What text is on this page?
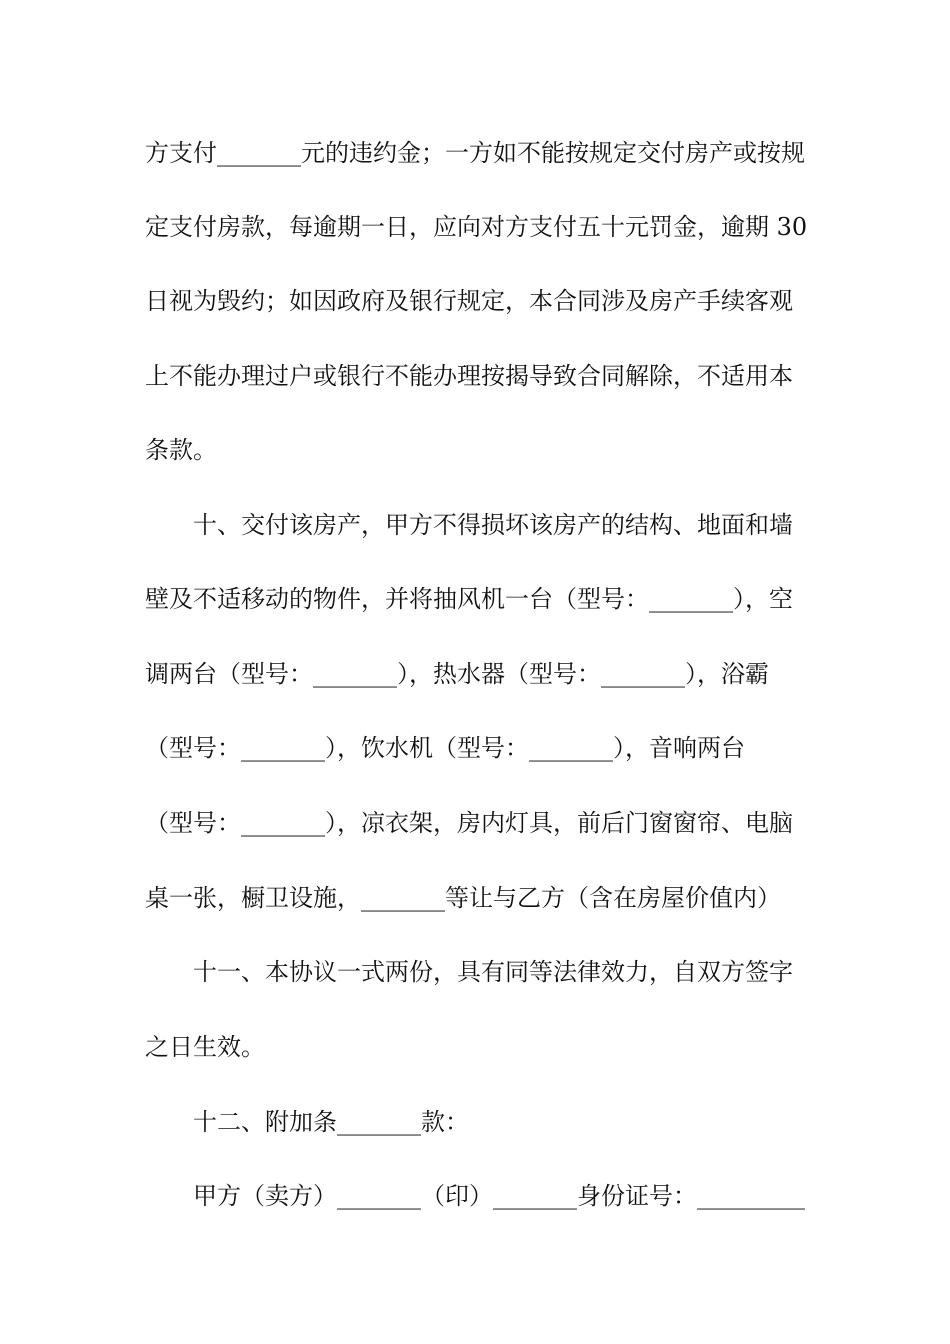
方支付_______元的违约金；一方如不能按规定交付房产或按规
定支付房款，每逾期一日，应向对方支付五十元罚金，逾期 30
日视为毁约；如因政府及银行规定，本合同涉及房产手续客观
上不能办理过户或银行不能办理按揭导致合同解除，不适用本
条款。
十、交付该房产，甲方不得损坏该房产的结构、地面和墙
壁及不适移动的物件，并将抽风机一台（型号：_______），空
调两台（型号：_______），热水器（型号：_______），浴霸
（型号：_______），饮水机（型号：_______），音响两台
（型号：_______），凉衣架，房内灯具，前后门窗窗帘、电脑
桌一张，橱卫设施，_______等让与乙方（含在房屋价值内）
十一、本协议一式两份，具有同等法律效力，自双方签字
之日生效。
十二、附加条_______款：
甲方（卖方）_______（印）_______身份证号：_________
